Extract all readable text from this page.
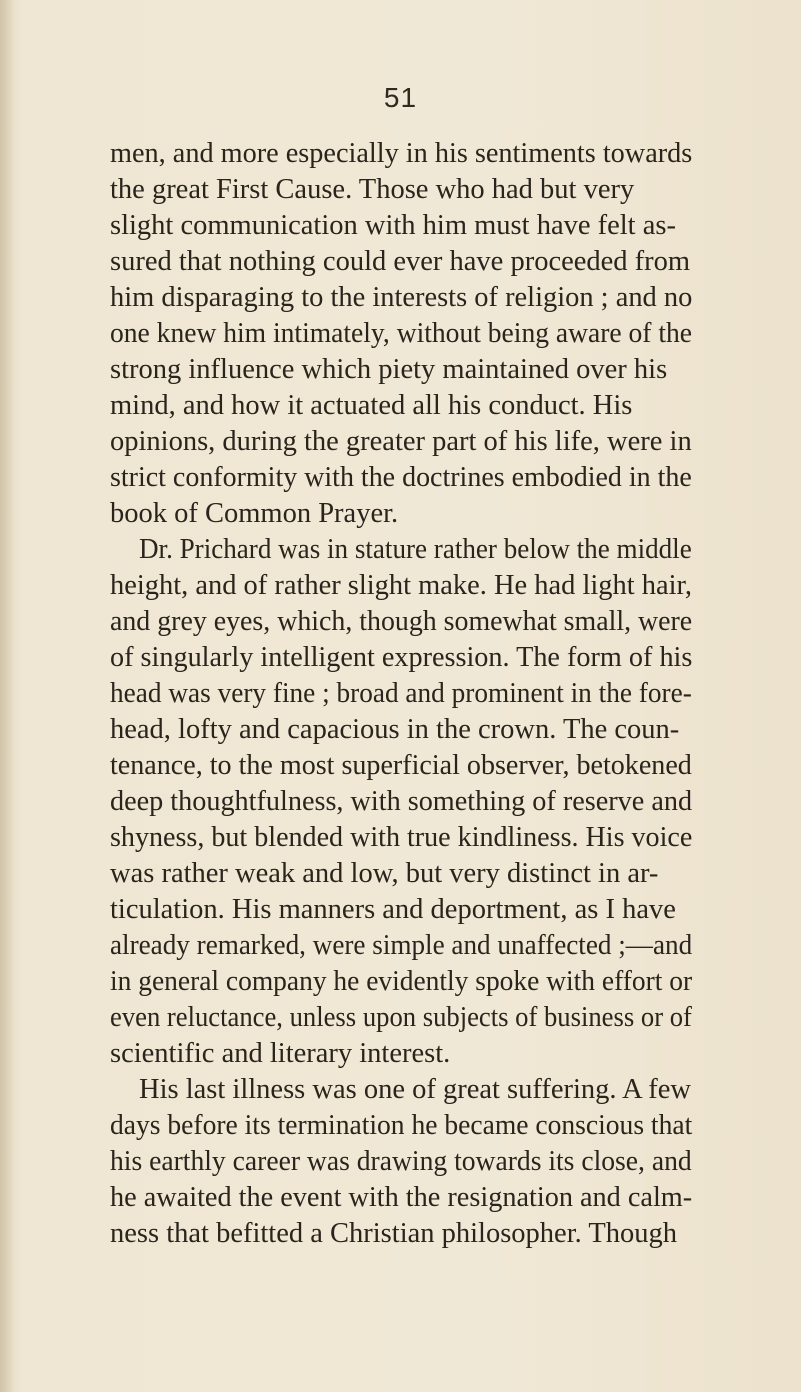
51
men, and more especially in his sentiments towards
the great First Cause. Those who had but very
slight communication with him must have felt as-
sured that nothing could ever have proceeded from
him disparaging to the interests of religion ; and no
one knew him intimately, without being aware of the
strong influence which piety maintained over his
mind, and how it actuated all his conduct. His
opinions, during the greater part of his life, were in
strict conformity with the doctrines embodied in the
book of Common Prayer.
Dr. Prichard was in stature rather below the middle
height, and of rather slight make. He had light hair,
and grey eyes, which, though somewhat small, were
of singularly intelligent expression. The form of his
head was very fine ; broad and prominent in the fore-
head, lofty and capacious in the crown. The coun-
tenance, to the most superficial observer, betokened
deep thoughtfulness, with something of reserve and
shyness, but blended with true kindliness. His voice
was rather weak and low, but very distinct in ar-
ticulation. His manners and deportment, as I have
already remarked, were simple and unaffected ;—and
in general company he evidently spoke with effort or
even reluctance, unless upon subjects of business or of
scientific and literary interest.
His last illness was one of great suffering. A few
days before its termination he became conscious that
his earthly career was drawing towards its close, and
he awaited the event with the resignation and calm-
ness that befitted a Christian philosopher. Though
